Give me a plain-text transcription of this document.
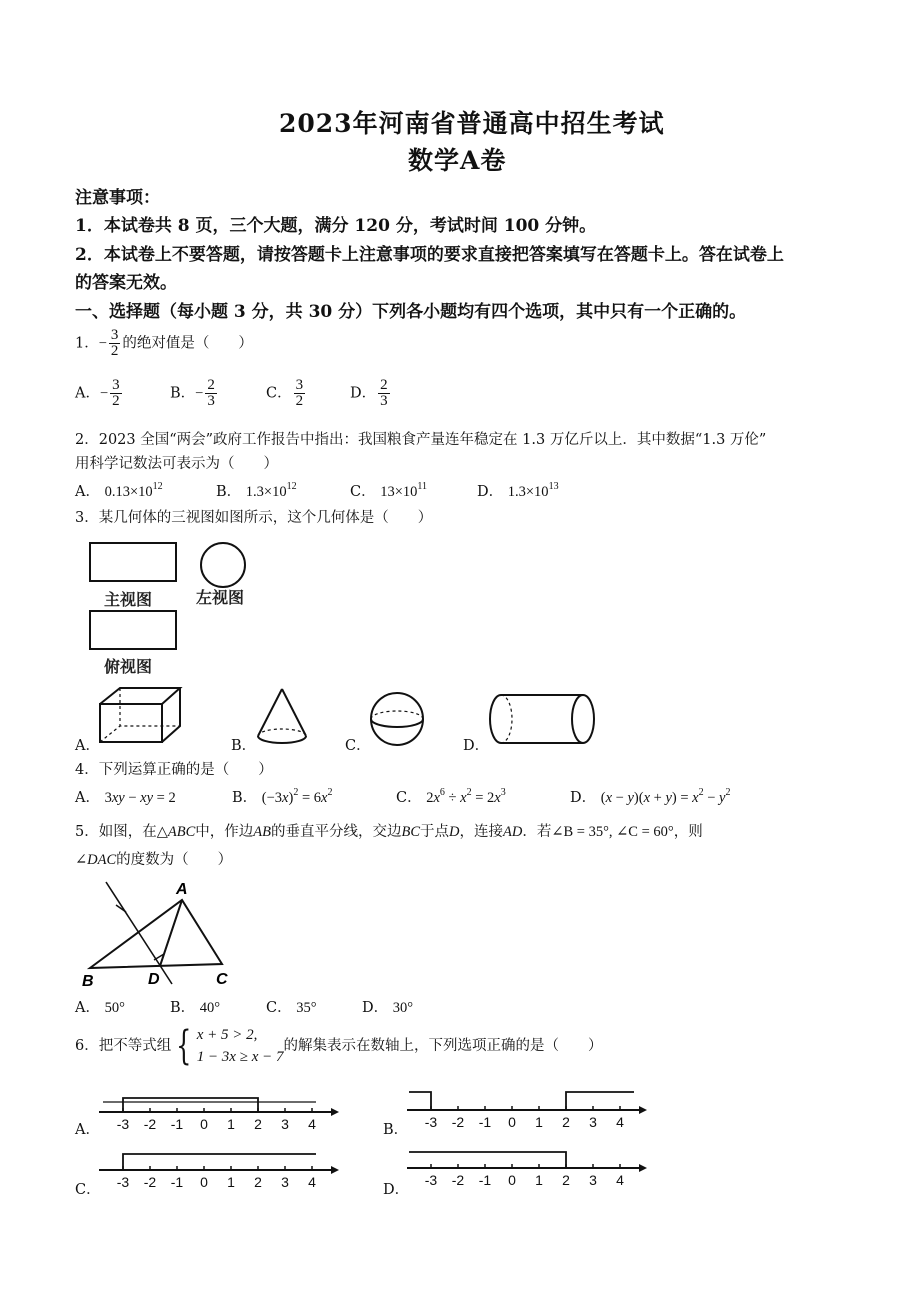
2023年河南省普通高中招生考试
数学A卷
注意事项：
1．本试卷共 8 页，三个大题，满分 120 分，考试时间 100 分钟。
2．本试卷上不要答题，请按答题卡上注意事项的要求直接把答案填写在答题卡上。答在试卷上
的答案无效。
一、选择题（每小题 3 分，共 30 分）下列各小题均有四个选项，其中只有一个正确的。
1．− $\frac{3}{2}$ 的绝对值是（　　）
A．− $\frac{3}{2}$	B．− $\frac{2}{3}$	C． $\frac{3}{2}$	D． $\frac{2}{3}$
2．2023 全国“两会”政府工作报告中指出：我国粮食产量连年稳定在 1.3 万亿斤以上．其中数据“1.3 万伦”
用科学记数法可表示为（　　）
A． $0.13\times 10^{12}$	B． $1.3\times 10^{12}$	C． $13\times 10^{11}$	D． $1.3\times 10^{13}$
3．某几何体的三视图如图所示，这个几何体是（　　）
主视图	左视图
俯视图
A．	B．	C．	D．
4．下列运算正确的是（　　）
A． 3xy − xy = 2	B． $(-3x)^2 = 6x^2$	C． $2x^6 \div x^2 = 2x^3$	D． $(x - y)(x + y) = x^2 - y^2$
5．如图，在△ABC中，作边AB的垂直平分线，交边BC于点D，连接AD．若∠B = 35°, ∠C = 60°，则
∠DAC的度数为（　　）
A
B	D	C
A． 50°	B． 40°	C． 35°	D． 30°
6．把不等式组 { x + 5 > 2,
1 − 3x ≥ x − 7
的解集表示在数轴上，下列选项正确的是（　　）
A． -3 -2 -1 0 1 2 3 4	B． -3 -2 -1 0 1 2 3 4
C． -3 -2 -1 0 1 2 3 4	D．
-3 -2 -1 0 1 2 3 4
